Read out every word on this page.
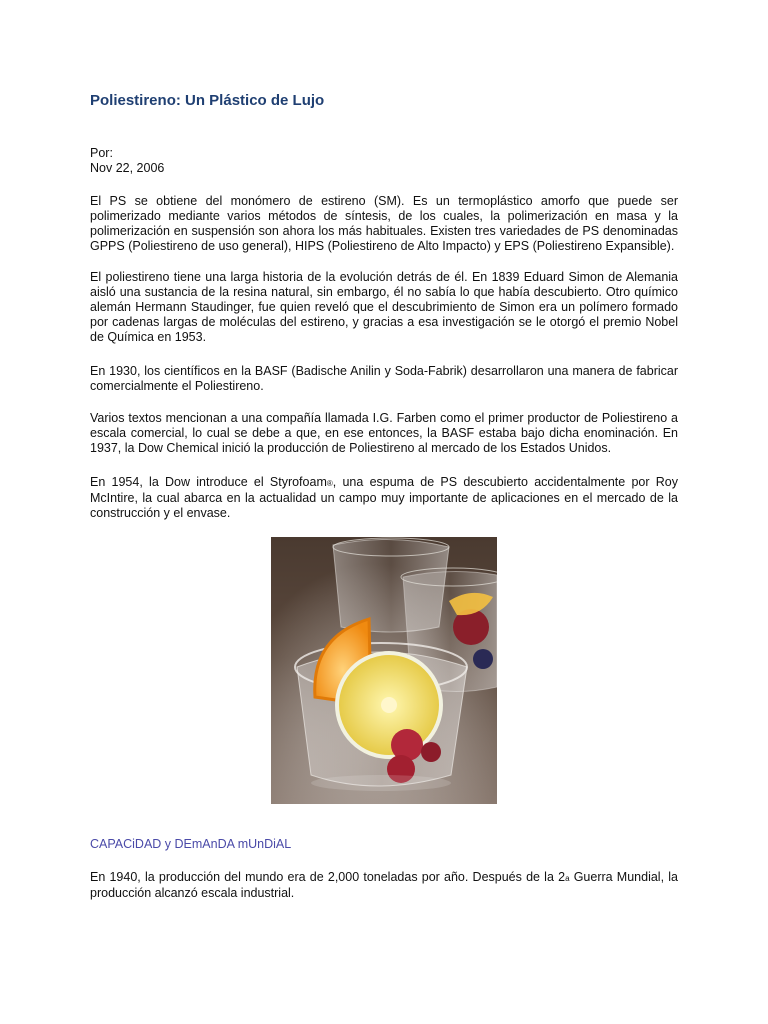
Poliestireno: Un Plástico de Lujo
Por:
Nov 22, 2006

El PS se obtiene del monómero de estireno (SM). Es un termoplástico amorfo que puede ser polimerizado mediante varios métodos de síntesis, de los cuales, la polimerización en masa y la polimerización en suspensión son ahora los más habituales. Existen tres variedades de PS denominadas GPPS (Poliestireno de uso general), HIPS (Poliestireno de Alto Impacto) y EPS (Poliestireno Expansible).

El poliestireno tiene una larga historia de la evolución detrás de él. En 1839 Eduard Simon de Alemania aisló una sustancia de la resina natural, sin embargo, él no sabía lo que había descubierto. Otro químico alemán Hermann Staudinger, fue quien reveló que el descubrimiento de Simon era un polímero formado por cadenas largas de moléculas del estireno, y gracias a esa investigación se le otorgó el premio Nobel de Química en 1953.

En 1930, los científicos en la BASF (Badische Anilin y Soda-Fabrik) desarrollaron una manera de fabricar comercialmente el Poliestireno.

Varios textos mencionan a una compañía llamada I.G. Farben como el primer productor de Poliestireno a escala comercial, lo cual se debe a que, en ese entonces, la BASF estaba bajo dicha enominación. En 1937, la Dow Chemical inició la producción de Poliestireno al mercado de los Estados Unidos.

En 1954, la Dow introduce el Styrofoam®, una espuma de PS descubierto accidentalmente por Roy McIntire, la cual abarca en la actualidad un campo muy importante de aplicaciones en el mercado de la construcción y el envase.

CAPACiDAD y DEmAnDA mUnDiAL

En 1940, la producción del mundo era de 2,000 toneladas por año. Después de la 2a Guerra Mundial, la producción alcanzó escala industrial.
